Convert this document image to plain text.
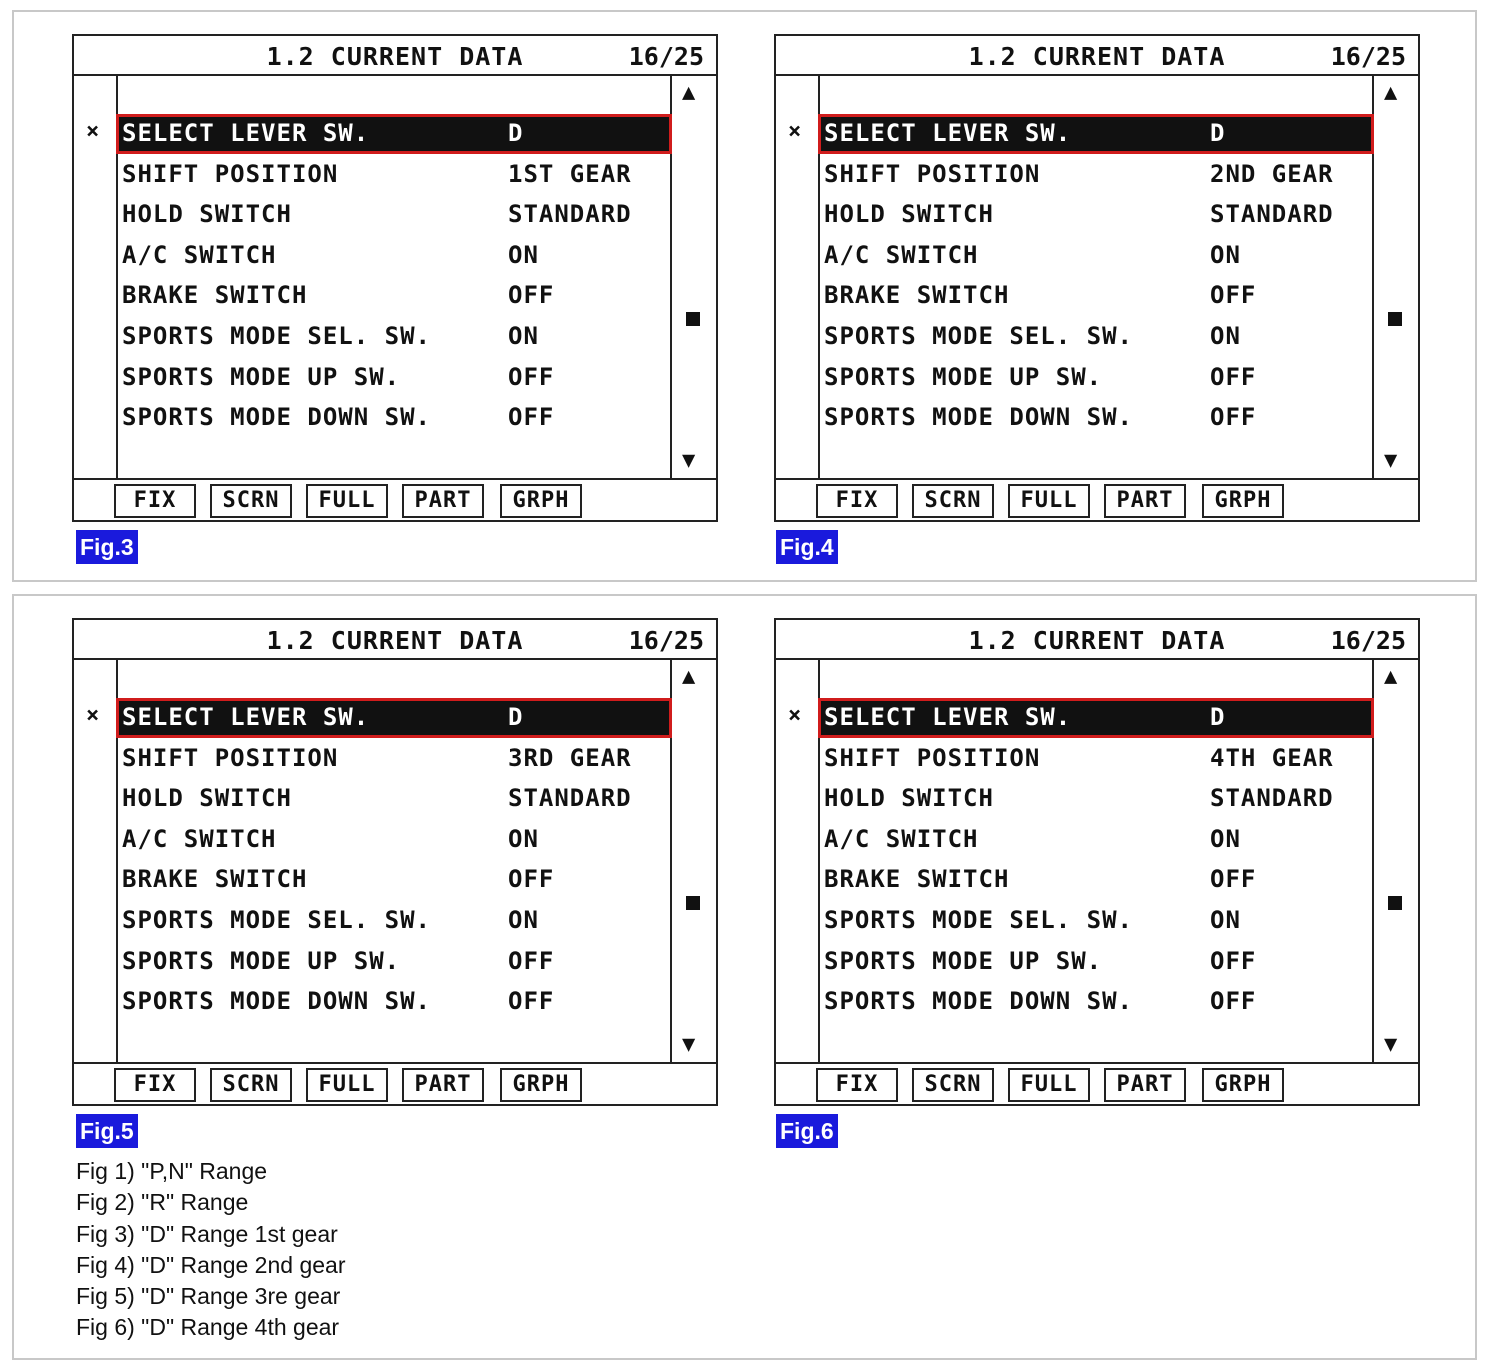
1.2 CURRENT DATA	16/25
▲
▼
× SELECT LEVER SW.	D
SHIFT POSITION	1ST GEAR
HOLD SWITCH	STANDARD
A/C SWITCH	ON
BRAKE SWITCH	OFF
SPORTS MODE SEL. SW.	ON
SPORTS MODE UP SW.	OFF
SPORTS MODE DOWN SW.	OFF
FIX	SCRN	FULL	PART	GRPH
1.2 CURRENT DATA	16/25
▲
▼
× SELECT LEVER SW.	D
SHIFT POSITION	2ND GEAR
HOLD SWITCH	STANDARD
A/C SWITCH	ON
BRAKE SWITCH	OFF
SPORTS MODE SEL. SW.	ON
SPORTS MODE UP SW.	OFF
SPORTS MODE DOWN SW.	OFF
FIX	SCRN	FULL	PART	GRPH
1.2 CURRENT DATA	16/25
▲
▼
× SELECT LEVER SW.	D
SHIFT POSITION	3RD GEAR
HOLD SWITCH	STANDARD
A/C SWITCH	ON
BRAKE SWITCH	OFF
SPORTS MODE SEL. SW.	ON
SPORTS MODE UP SW.	OFF
SPORTS MODE DOWN SW.	OFF
FIX	SCRN	FULL	PART	GRPH
1.2 CURRENT DATA	16/25
▲
▼
× SELECT LEVER SW.	D
SHIFT POSITION	4TH GEAR
HOLD SWITCH	STANDARD
A/C SWITCH	ON
BRAKE SWITCH	OFF
SPORTS MODE SEL. SW.	ON
SPORTS MODE UP SW.	OFF
SPORTS MODE DOWN SW.	OFF
FIX	SCRN	FULL	PART	GRPH
Fig.3	Fig.4
Fig.5	Fig.6
Fig 1) "P,N" Range
Fig 2) "R" Range
Fig 3) "D" Range 1st gear
Fig 4) "D" Range 2nd gear
Fig 5) "D" Range 3re gear
Fig 6) "D" Range 4th gear
